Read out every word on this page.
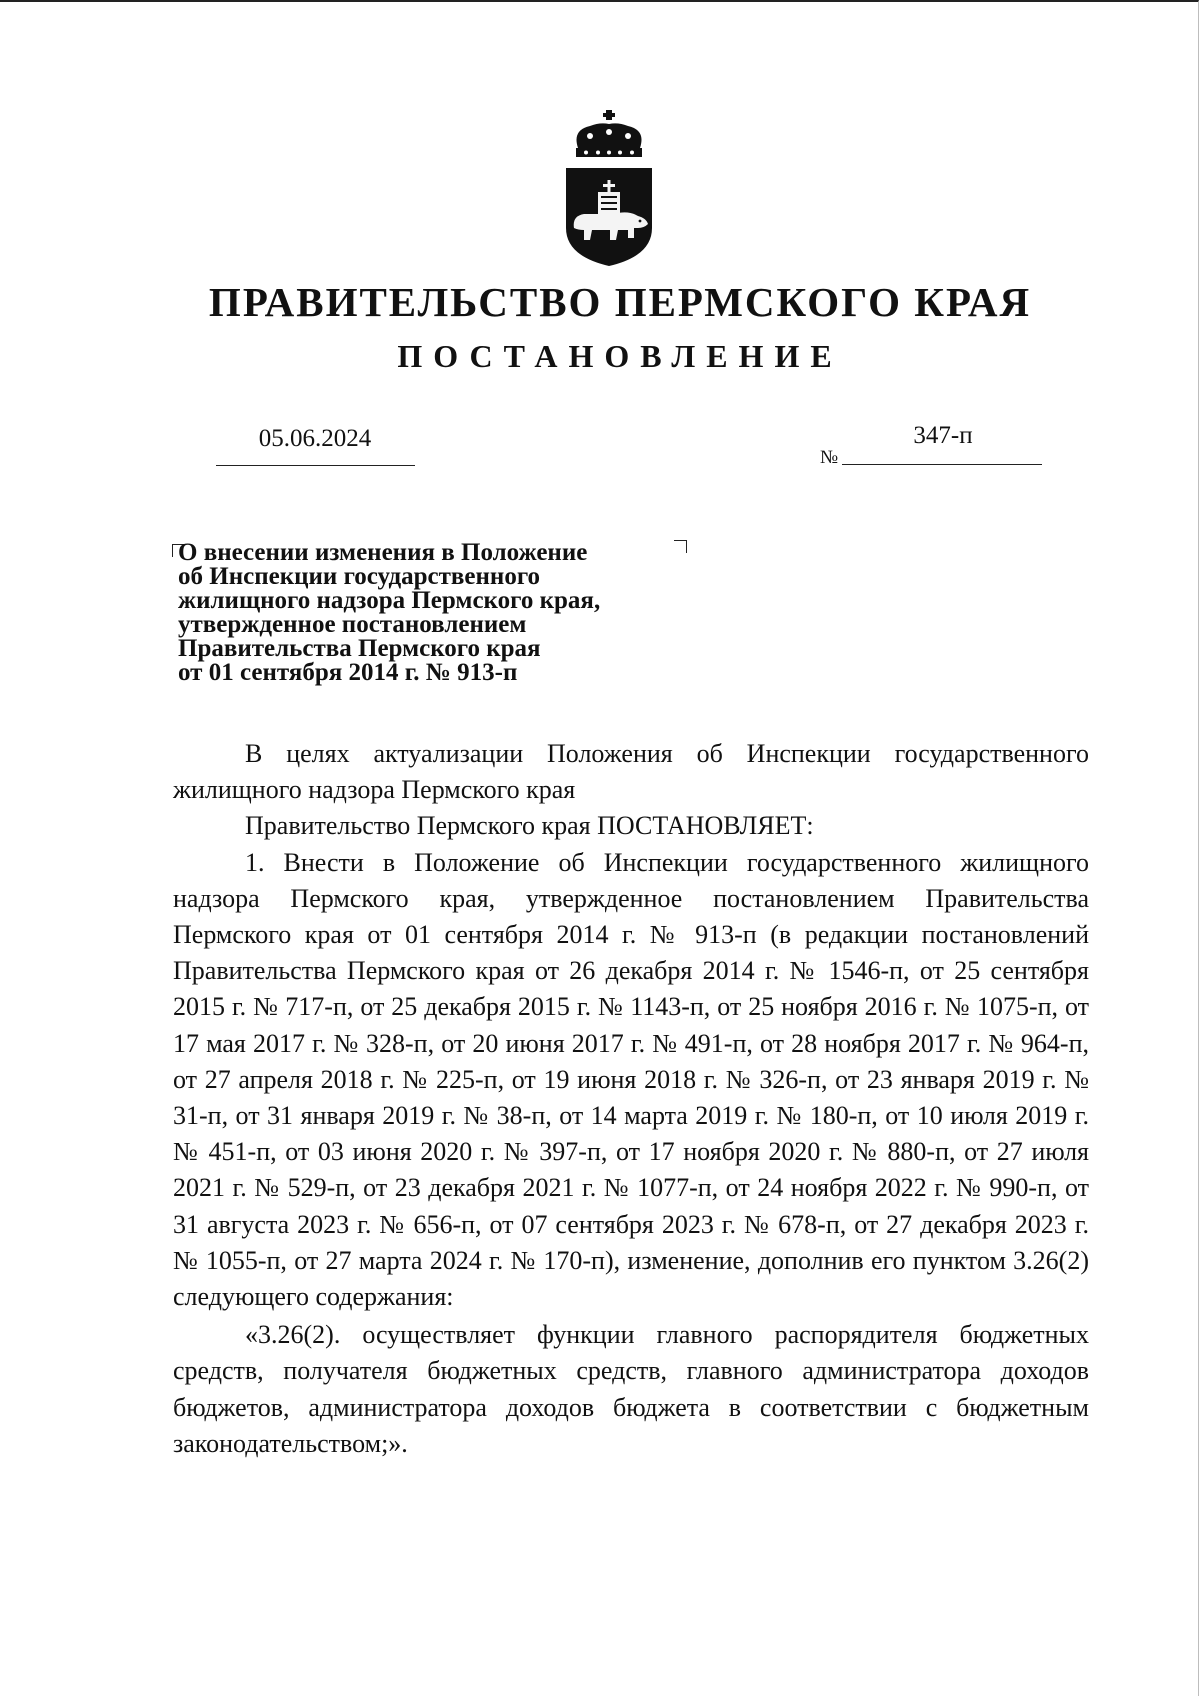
ПРАВИТЕЛЬСТВО ПЕРМСКОГО КРАЯ
ПОСТАНОВЛЕНИЕ
05.06.2024
№
347-п
О внесении изменения в Положение
об Инспекции государственного
жилищного надзора Пермского края,
утвержденное постановлением
Правительства Пермского края
от 01 сентября 2014 г. № 913-п

В целях актуализации Положения об Инспекции государственного жилищного надзора Пермского края

Правительство Пермского края ПОСТАНОВЛЯЕТ:

1. Внести в Положение об Инспекции государственного жилищного надзора Пермского края, утвержденное постановлением Правительства Пермского края от 01 сентября 2014 г. № 913-п (в редакции постановлений Правительства Пермского края от 26 декабря 2014 г. № 1546-п, от 25 сентября 2015 г. № 717-п, от 25 декабря 2015 г. № 1143-п, от 25 ноября 2016 г. № 1075-п, от 17 мая 2017 г. № 328-п, от 20 июня 2017 г. № 491-п, от 28 ноября 2017 г. № 964-п, от 27 апреля 2018 г. № 225-п, от 19 июня 2018 г. № 326-п, от 23 января 2019 г. № 31-п, от 31 января 2019 г. № 38-п, от 14 марта 2019 г. № 180-п, от 10 июля 2019 г. № 451-п, от 03 июня 2020 г. № 397-п, от 17 ноября 2020 г. № 880-п, от 27 июля 2021 г. № 529-п, от 23 декабря 2021 г. № 1077-п, от 24 ноября 2022 г. № 990-п, от 31 августа 2023 г. № 656-п, от 07 сентября 2023 г. № 678-п, от 27 декабря 2023 г. № 1055-п, от 27 марта 2024 г. № 170-п), изменение, дополнив его пунктом 3.26(2) следующего содержания:

«3.26(2). осуществляет функции главного распорядителя бюджетных средств, получателя бюджетных средств, главного администратора доходов бюджетов, администратора доходов бюджета в соответствии с бюджетным законодательством;».
